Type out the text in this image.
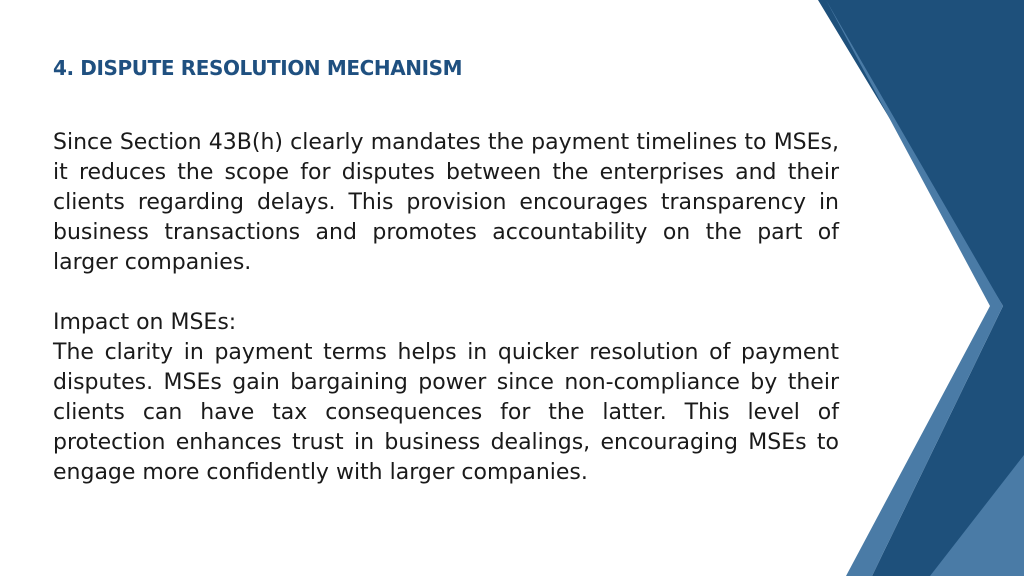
4. DISPUTE RESOLUTION MECHANISM

Since Section 43B(h) clearly mandates the payment timelines to MSEs, it reduces the scope for disputes between the enterprises and their clients regarding delays. This provision encourages transparency in business transactions and promotes accountability on the part of larger companies.

Impact on MSEs:

The clarity in payment terms helps in quicker resolution of payment disputes. MSEs gain bargaining power since non-compliance by their clients can have tax consequences for the latter. This level of protection enhances trust in business dealings, encouraging MSEs to engage more confidently with larger companies.
